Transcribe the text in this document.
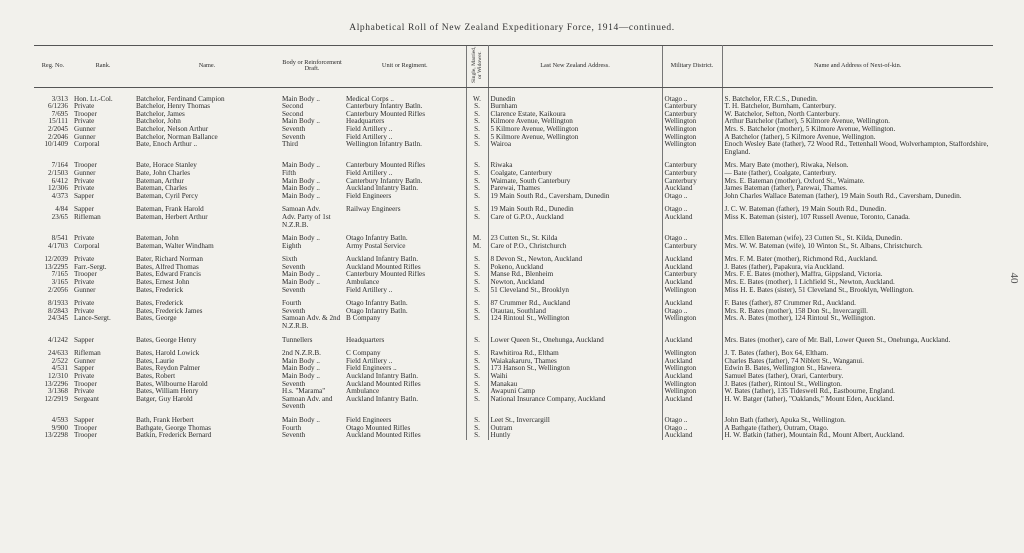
Alphabetical Roll of New Zealand Expeditionary Force, 1914—continued.
40
Reg. No.	Rank.	Name.	Body or Reinforcement Draft.	Unit or Regiment.	Single, Married, or Widower.	Last New Zealand Address.	Military District.	Name and Address of Next-of-kin.
3/313	Hon. Lt.-Col.	Batchelor, Ferdinand Campion	Main Body ..	Medical Corps ..	W.	Dunedin	Otago ..	S. Batchelor, F.R.C.S., Dunedin.
6/1236	Private	Batchelor, Henry Thomas	Second	Canterbury Infantry Batln.	S.	Burnham	Canterbury	T. H. Batchelor, Burnham, Canterbury.
7/695	Trooper	Batchelor, James	Second	Canterbury Mounted Rifles	S.	Clarence Estate, Kaikoura	Canterbury	W. Batchelor, Sefton, North Canterbury.
15/111	Private	Batchelor, John	Main Body ..	Headquarters	S.	Kilmore Avenue, Wellington	Wellington	Arthur Batchelor (father), 5 Kilmore Avenue, Wellington.
2/2045	Gunner	Batchelor, Nelson Arthur	Seventh	Field Artillery ..	S.	5 Kilmore Avenue, Wellington	Wellington	Mrs. S. Batchelor (mother), 5 Kilmore Avenue, Wellington.
2/2046	Gunner	Batchelor, Norman Ballance	Seventh	Field Artillery ..	S.	5 Kilmore Avenue, Wellington	Wellington	A Batchelor (father), 5 Kilmore Avenue, Wellington.
10/1409	Corporal	Bate, Enoch Arthur ..	Third	Wellington Infantry Batln.	S.	Wairoa	Wellington	Enoch Wesley Bate (father), 72 Wood Rd., Tettenhall Wood, Wolverhampton, Staffordshire, England.
7/164	Trooper	Bate, Horace Stanley	Main Body ..	Canterbury Mounted Rifles	S.	Riwaka	Canterbury	Mrs. Mary Bate (mother), Riwaka, Nelson.
2/1503	Gunner	Bate, John Charles	Fifth	Field Artillery ..	S.	Coalgate, Canterbury	Canterbury	— Bate (father), Coalgate, Canterbury.
6/412	Private	Bateman, Arthur	Main Body ..	Canterbury Infantry Batln.	S.	Waimate, South Canterbury	Canterbury	Mrs. E. Bateman (mother), Oxford St., Waimate.
12/306	Private	Bateman, Charles	Main Body ..	Auckland Infantry Batln.	S.	Parewai, Thames	Auckland	James Bateman (father), Parewai, Thames.
4/373	Sapper	Bateman, Cyril Percy	Main Body ..	Field Engineers	S.	19 Main South Rd., Caversham, Dunedin	Otago ..	John Charles Wallace Bateman (father), 19 Main South Rd., Caversham, Dunedin.
4/84	Sapper	Bateman, Frank Harold	Samoan Adv.	Railway Engineers	S.	19 Main South Rd., Dunedin	Otago ..	J. C. W. Bateman (father), 19 Main South Rd., Dunedin.
23/65	Rifleman	Bateman, Herbert Arthur	Adv. Party of 1st N.Z.R.B.		S.	Care of G.P.O., Auckland	Auckland	Miss K. Bateman (sister), 107 Russell Avenue, Toronto, Canada.
8/541	Private	Bateman, John	Main Body ..	Otago Infantry Batln.	M.	23 Cutten St., St. Kilda	Otago ..	Mrs. Ellen Bateman (wife), 23 Cutten St., St. Kilda, Dunedin.
4/1703	Corporal	Bateman, Walter Windham	Eighth	Army Postal Service	M.	Care of P.O., Christchurch	Canterbury	Mrs. W. W. Bateman (wife), 10 Winton St., St. Albans, Christchurch.
12/2039	Private	Bater, Richard Norman	Sixth	Auckland Infantry Batln.	S.	8 Devon St., Newton, Auckland	Auckland	Mrs. F. M. Bater (mother), Richmond Rd., Auckland.
13/2295	Farr.-Sergt.	Bates, Alfred Thomas	Seventh	Auckland Mounted Rifles	S.	Pokeno, Auckland	Auckland	J. Bates (father), Papakura, via Auckland.
7/165	Trooper	Bates, Edward Francis	Main Body ..	Canterbury Mounted Rifles	S.	Manse Rd., Blenheim	Canterbury	Mrs. F. E. Bates (mother), Maffra, Gippsland, Victoria.
3/165	Private	Bates, Ernest John	Main Body ..	Ambulance	S.	Newton, Auckland	Auckland	Mrs. E. Bates (mother), 1 Lichfield St., Newton, Auckland.
2/2056	Gunner	Bates, Frederick	Seventh	Field Artillery ..	S.	51 Cleveland St., Brooklyn	Wellington	Miss H. E. Bates (sister), 51 Cleveland St., Brooklyn, Wellington.
8/1933	Private	Bates, Frederick	Fourth	Otago Infantry Batln.	S.	87 Crummer Rd., Auckland	Auckland	F. Bates (father), 87 Crummer Rd., Auckland.
8/2843	Private	Bates, Frederick James	Seventh	Otago Infantry Batln.	S.	Otautau, Southland	Otago ..	Mrs. R. Bates (mother), 158 Don St., Invercargill.
24/345	Lance-Sergt.	Bates, George	Samoan Adv. & 2nd N.Z.R.B.	B Company	S.	124 Rintoul St., Wellington	Wellington	Mrs. A. Bates (mother), 124 Rintoul St., Wellington.
4/1242	Sapper	Bates, George Henry	Tunnellers	Headquarters	S.	Lower Queen St., Onehunga, Auckland	Auckland	Mrs. Bates (mother), care of Mr. Ball, Lower Queen St., Onehunga, Auckland.
24/633	Rifleman	Bates, Harold Lowick	2nd N.Z.R.B.	C Company	S.	Rawhitiroa Rd., Eltham	Wellington	J. T. Bates (father), Box 64, Eltham.
2/522	Gunner	Bates, Laurie	Main Body ..	Field Artillery ..	S.	Waiakakaruru, Thames	Auckland	Charles Bates (father), 74 Niblett St., Wanganui.
4/531	Sapper	Bates, Reydon Palmer	Main Body ..	Field Engineers ..	S.	173 Hanson St., Wellington	Wellington	Edwin B. Bates, Wellington St., Hawera.
12/310	Private	Bates, Robert	Main Body ..	Auckland Infantry Batln.	S.	Waihi	Auckland	Samuel Bates (father), Orari, Canterbury.
13/2296	Trooper	Bates, Wilbourne Harold	Seventh	Auckland Mounted Rifles	S.	Manakau	Wellington	J. Bates (father), Rintoul St., Wellington.
3/1368	Private	Bates, William Henry	H.s. "Marama"	Ambulance	S.	Awapuni Camp	Wellington	W. Bates (father), 135 Tideswell Rd., Eastbourne, England.
12/2919	Sergeant	Batger, Guy Harold	Samoan Adv. and Seventh	Auckland Infantry Batln.	S.	National Insurance Company, Auckland	Auckland	H. W. Batger (father), "Oaklands," Mount Eden, Auckland.
4/593	Sapper	Bath, Frank Herbert	Main Body ..	Field Engineers	S.	Leet St., Invercargill	Otago ..	John Bath (father), Apuka St., Wellington.
9/900	Trooper	Bathgate, George Thomas	Fourth	Otago Mounted Rifles	S.	Outram	Otago ..	A Bathgate (father), Outram, Otago.
13/2298	Trooper	Batkin, Frederick Bernard	Seventh	Auckland Mounted Rifles	S.	Huntly	Auckland	H. W. Batkin (father), Mountain Rd., Mount Albert, Auckland.
